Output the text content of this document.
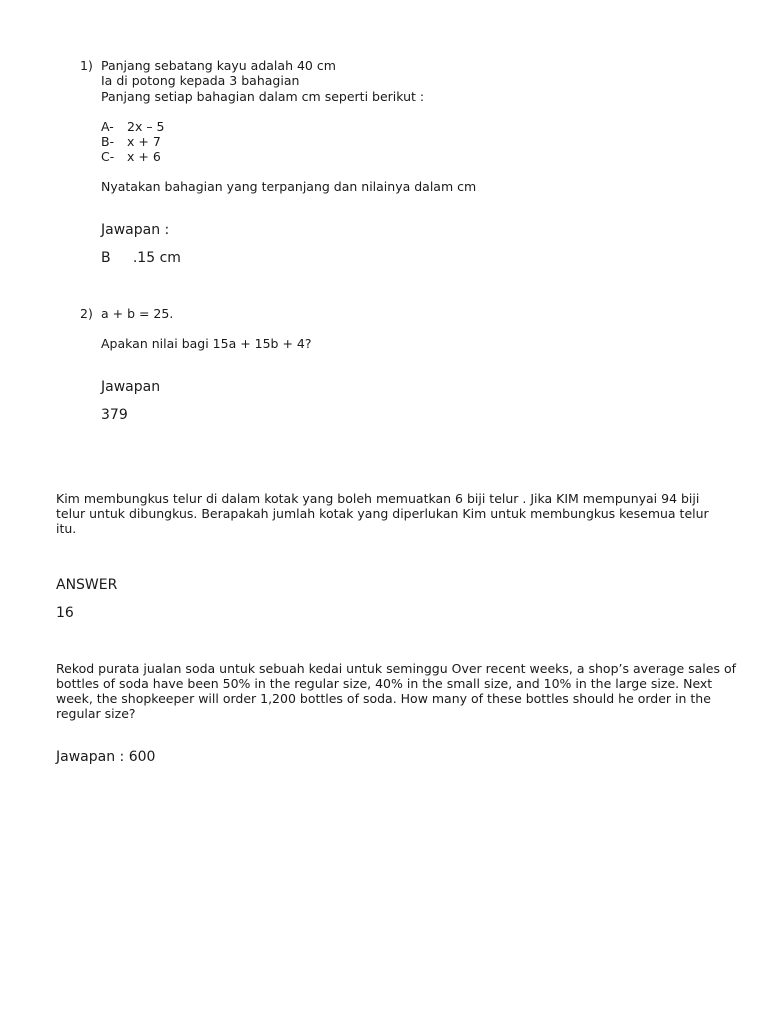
1) Panjang sebatang kayu adalah 40 cm
Ia di potong kepada 3 bahagian
Panjang setiap bahagian dalam cm seperti berikut :
A- 2x – 5
B- x + 7
C- x + 6
Nyatakan bahagian yang terpanjang dan nilainya dalam cm
Jawapan :
B     .15 cm
2) a + b = 25.
Apakan nilai bagi 15a + 15b + 4?
Jawapan
379
Kim membungkus telur di dalam kotak yang boleh memuatkan 6 biji telur . Jika KIM mempunyai 94 biji telur untuk dibungkus. Berapakah jumlah kotak yang diperlukan Kim untuk membungkus kesemua telur itu.
ANSWER
16
Rekod purata jualan soda untuk sebuah kedai untuk seminggu Over recent weeks, a shop’s average sales of bottles of soda have been 50% in the regular size, 40% in the small size, and 10% in the large size. Next week, the shopkeeper will order 1,200 bottles of soda. How many of these bottles should he order in the regular size?
Jawapan : 600
